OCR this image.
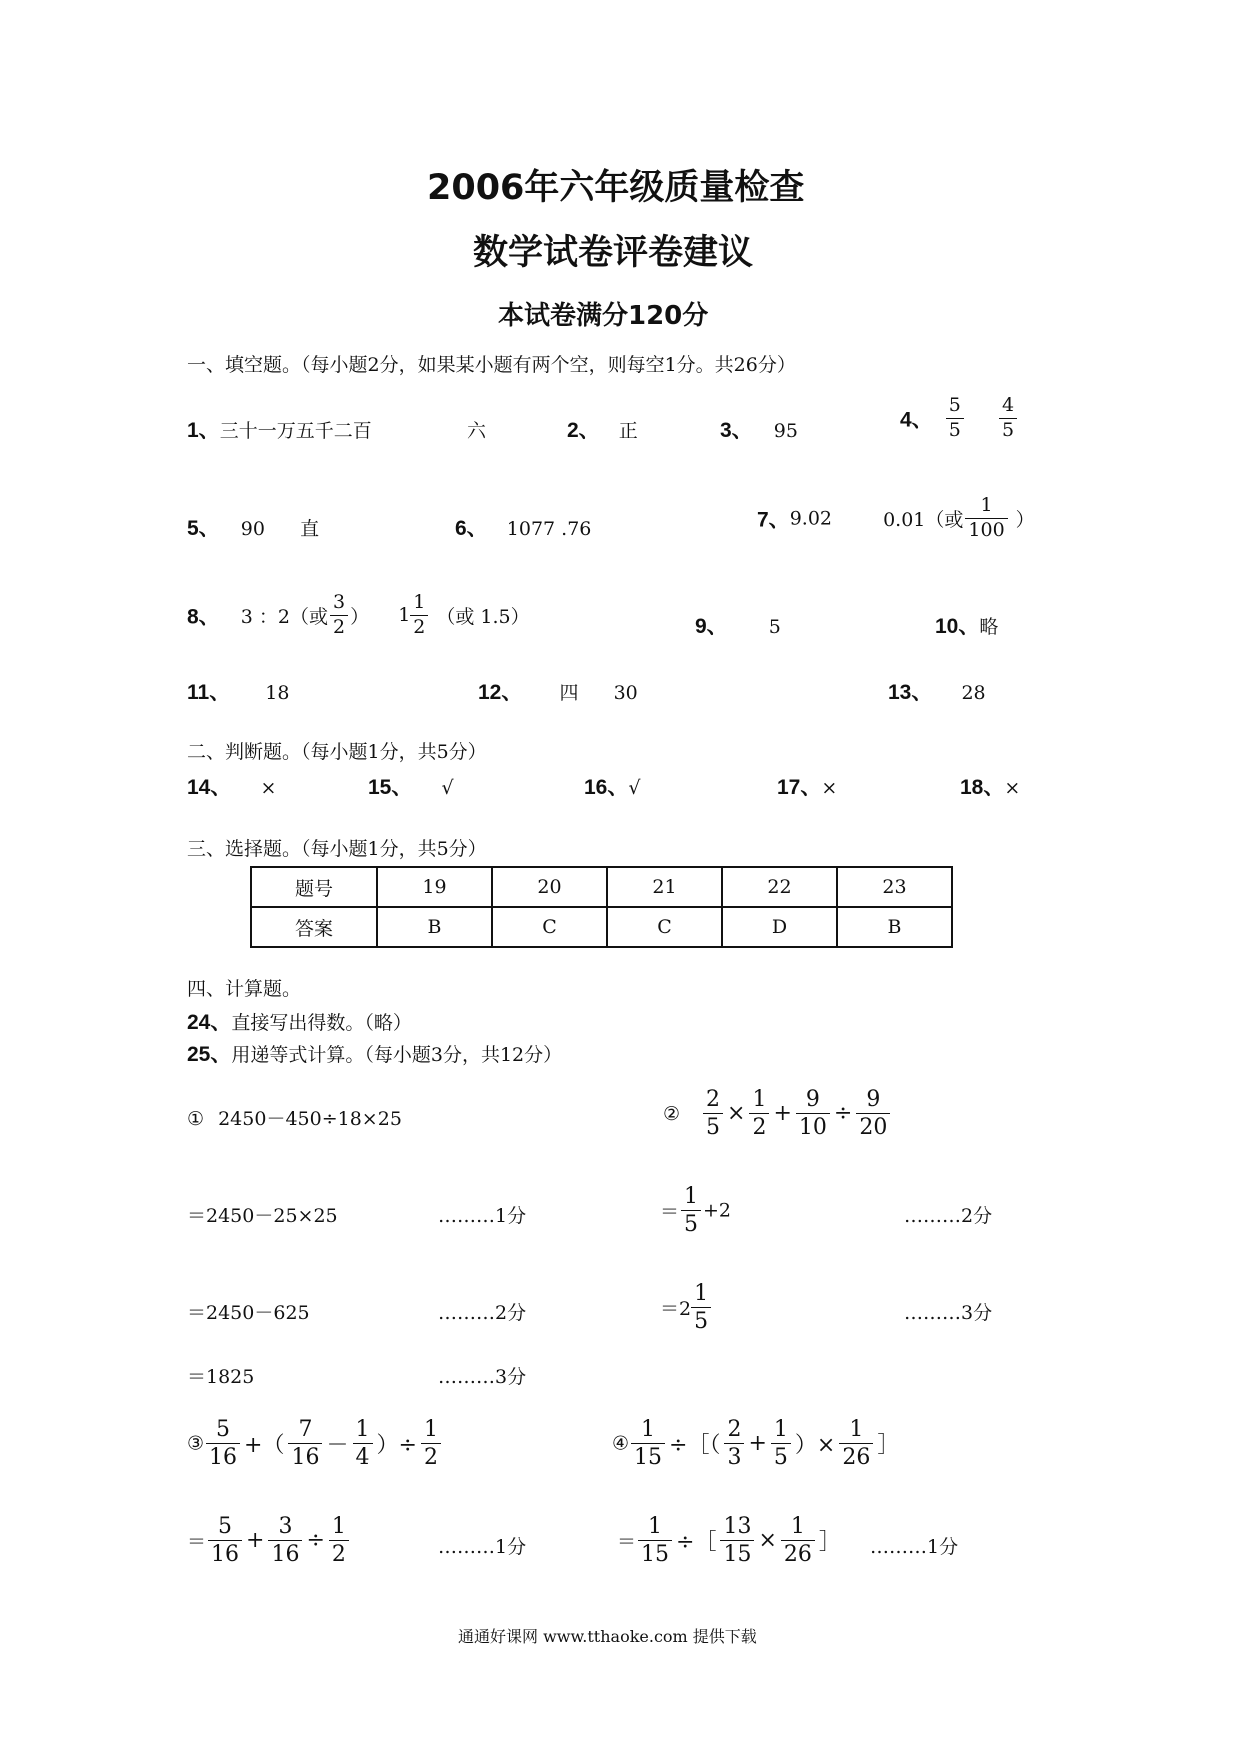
2006年六年级质量检查
数学试卷评卷建议
本试卷满分120分
一、填空题。（每小题2分，如果某小题有两个空，则每空1分。共26分）
1、三十一万五千二百	六	2、 正	3、 95	4、 $\frac{5}{5}$
$\frac{4}{5}$
5、 90 直	6、 1077 .76	7、9.02	0.01（或 $\frac{1}{100}$ ）
8、 3 ：2（或 $\frac{3}{2}$ ） $1 \frac{1}{2}$ （或 1.5）	9、 5	10、略
11、 18	12、 四 30	13、 28
二、判断题。（每小题1分，共5分）
14、 ×	15、 √	16、√	17、×	18、×
三、选择题。（每小题1分，共5分）
题号	19	20	21	22	23
答案	B	C	C	D	B
四、计算题。
24、直接写出得数。（略）
25、用递等式计算。（每小题3分，共12分）
① 2450－450÷18×25
＝2450－25×25	………1分
＝2450－625	………2分
＝1825	………3分
② $\frac{2}{5} \times \frac{1}{2} + \frac{9}{10} \div \frac{9}{20}$
＝ $\frac{1}{5} +2$	………2分
$=2 \frac{1}{5}$	………3分
③ $\frac{5}{16}$ +（ $\frac{7}{16} - \frac{1}{4}$ ）÷ $\frac{1}{2}$
＝ $\frac{5}{16} + \frac{3}{16} \div \frac{1}{2}$	………1分
④ $\frac{1}{15}$ ÷［（ $\frac{2}{3} + \frac{1}{5}$ ）× $\frac{1}{26}$ ］
＝ $\frac{1}{15}$ ÷［ $\frac{13}{15} \times \frac{1}{26}$ ］ ………1分
通通好课网 www.tthaoke.com 提供下载
